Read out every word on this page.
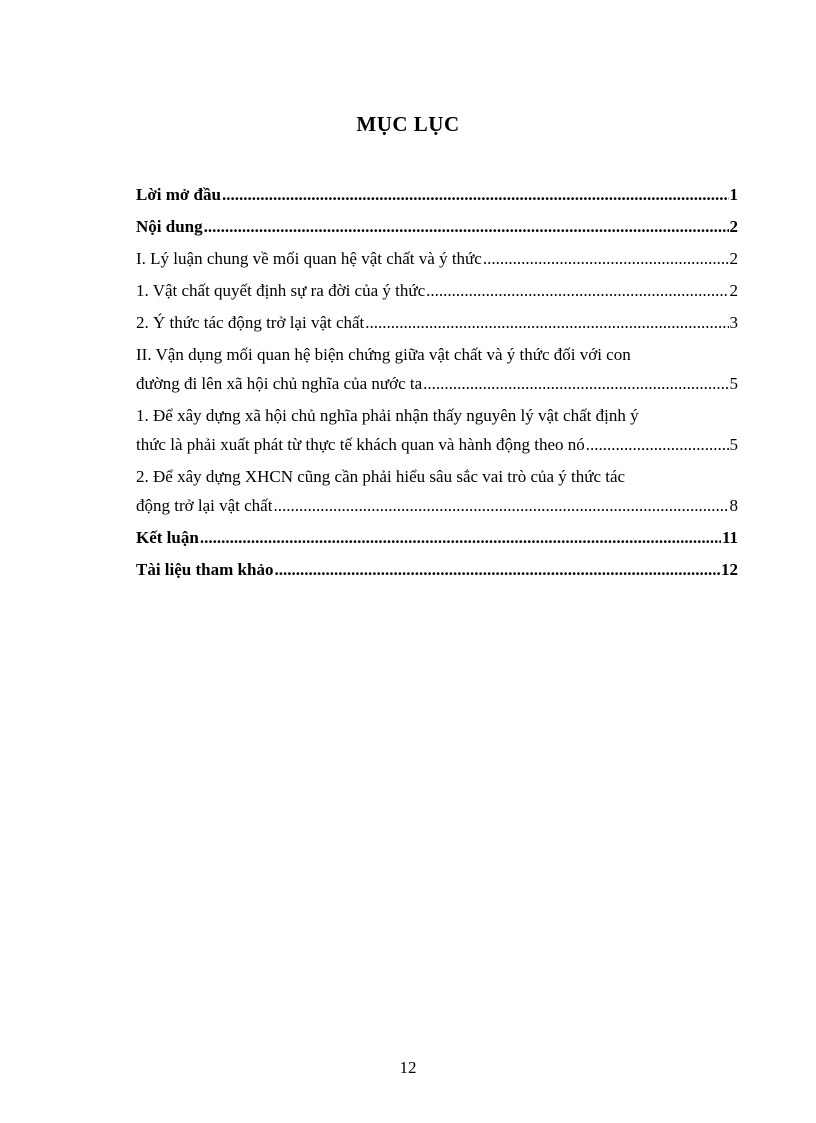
MỤC LỤC
Lời mở đầu .....	1
Nội dung .....	2
I. Lý luận chung về mối quan hệ vật chất và ý thức .....	2
1. Vật chất quyết định sự ra đời của ý thức .....	2
2. Ý thức tác động trở lại vật chất .....	3
II. Vận dụng mối quan hệ biện chứng giữa vật chất và ý thức đối với con
đường đi lên xã hội chủ nghĩa của nước ta .....	5
1. Để xây dựng xã hội chủ nghĩa phải nhận thấy nguyên lý vật chất định ý
thức là phải xuất phát từ thực tế khách quan và hành động theo nó .....	5
2. Để xây dựng XHCN cũng cần phải hiểu sâu sắc vai trò của ý thức tác
động trở lại vật chất .....	8
Kết luận .....	11
Tài liệu tham khảo .....	12
12
